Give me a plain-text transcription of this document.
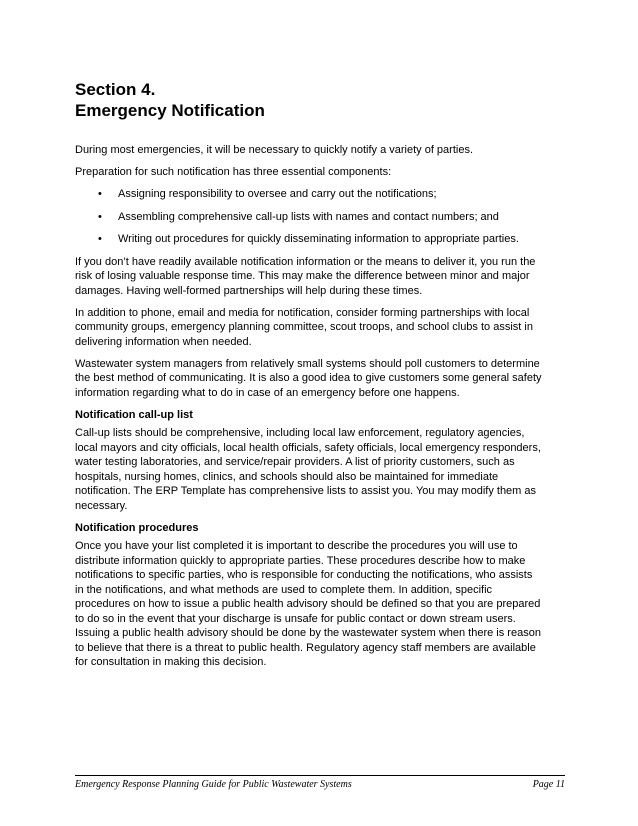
Section 4.
Emergency Notification

During most emergencies, it will be necessary to quickly notify a variety of parties.

Preparation for such notification has three essential components:

• Assigning responsibility to oversee and carry out the notifications;
• Assembling comprehensive call-up lists with names and contact numbers; and
• Writing out procedures for quickly disseminating information to appropriate parties.

If you don’t have readily available notification information or the means to deliver it, you run the
risk of losing valuable response time. This may make the difference between minor and major
damages. Having well-formed partnerships will help during these times.

In addition to phone, email and media for notification, consider forming partnerships with local
community groups, emergency planning committee, scout troops, and school clubs to assist in
delivering information when needed.

Wastewater system managers from relatively small systems should poll customers to determine
the best method of communicating. It is also a good idea to give customers some general safety
information regarding what to do in case of an emergency before one happens.

Notification call-up list

Call-up lists should be comprehensive, including local law enforcement, regulatory agencies,
local mayors and city officials, local health officials, safety officials, local emergency responders,
water testing laboratories, and service/repair providers. A list of priority customers, such as
hospitals, nursing homes, clinics, and schools should also be maintained for immediate
notification. The ERP Template has comprehensive lists to assist you. You may modify them as
necessary.

Notification procedures

Once you have your list completed it is important to describe the procedures you will use to
distribute information quickly to appropriate parties. These procedures describe how to make
notifications to specific parties, who is responsible for conducting the notifications, who assists
in the notifications, and what methods are used to complete them. In addition, specific
procedures on how to issue a public health advisory should be defined so that you are prepared
to do so in the event that your discharge is unsafe for public contact or down stream users.
Issuing a public health advisory should be done by the wastewater system when there is reason
to believe that there is a threat to public health. Regulatory agency staff members are available
for consultation in making this decision.

Emergency Response Planning Guide for Public Wastewater Systems	Page 11
